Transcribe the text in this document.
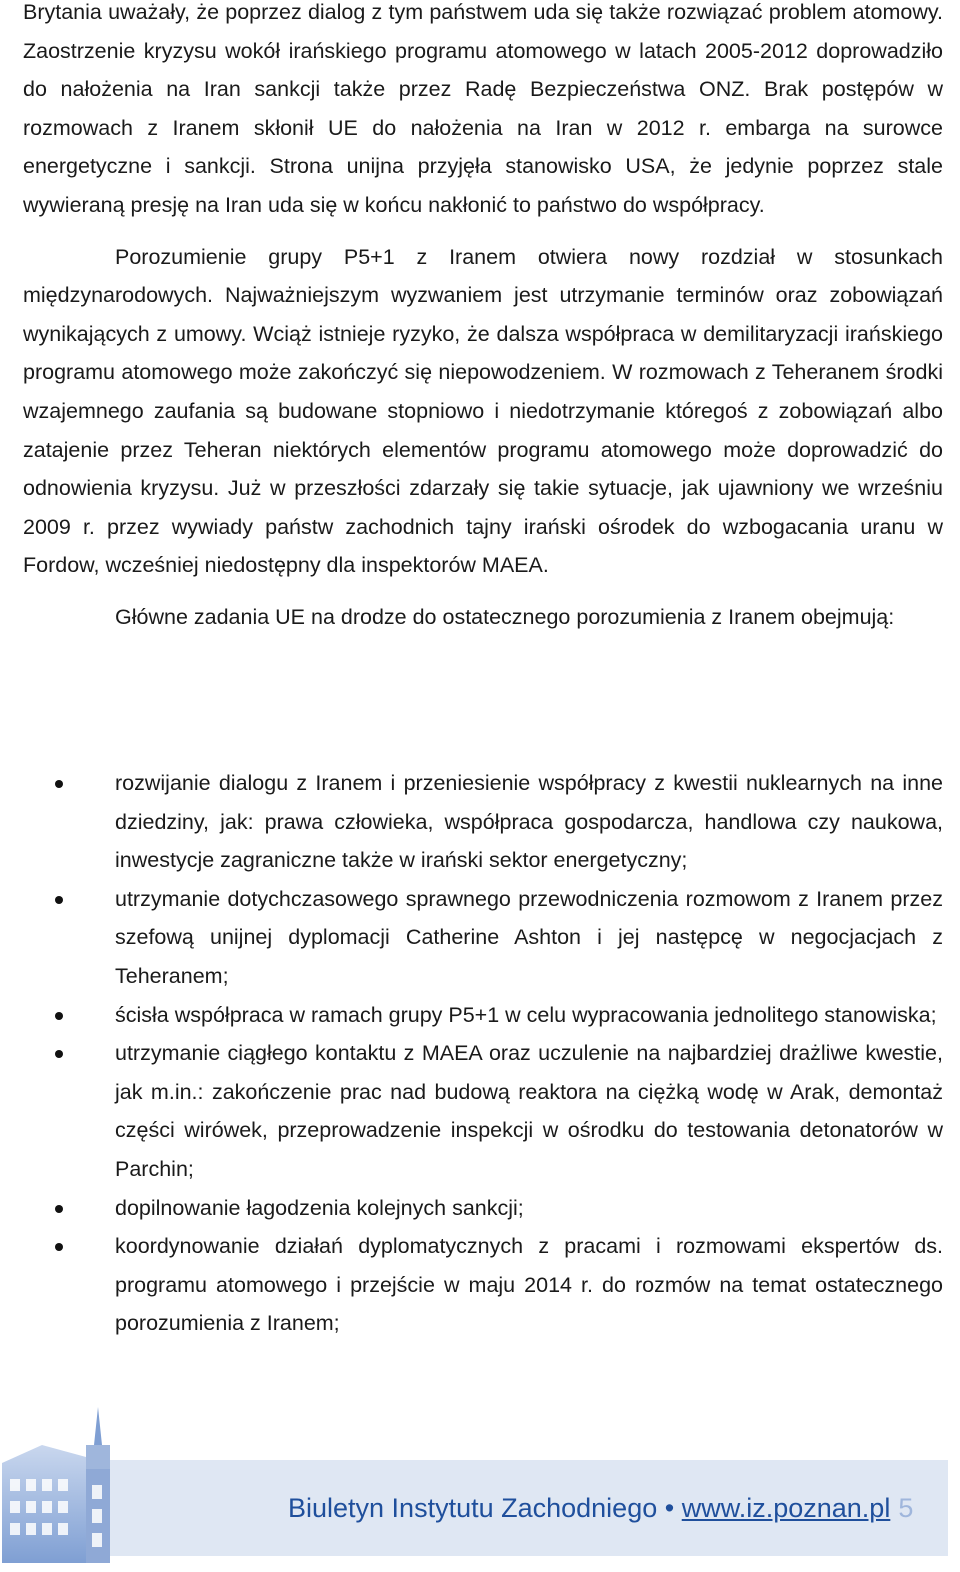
Brytania uważały, że poprzez dialog z tym państwem uda się także rozwiązać problem atomowy. Zaostrzenie kryzysu wokół irańskiego programu atomowego w latach 2005-2012 doprowadziło do nałożenia na Iran sankcji także przez Radę Bezpieczeństwa ONZ. Brak postępów w rozmowach z Iranem skłonił UE do nałożenia na Iran w 2012 r. embarga na surowce energetyczne i sankcji. Strona unijna przyjęła stanowisko USA, że jedynie poprzez stale wywieraną presję na Iran uda się w końcu nakłonić to państwo do współpracy.

Porozumienie grupy P5+1 z Iranem otwiera nowy rozdział w stosunkach międzynarodowych. Najważniejszym wyzwaniem jest utrzymanie terminów oraz zobowiązań wynikających z umowy. Wciąż istnieje ryzyko, że dalsza współpraca w demilitaryzacji irańskiego programu atomowego może zakończyć się niepowodzeniem. W rozmowach z Teheranem środki wzajemnego zaufania są budowane stopniowo i niedotrzymanie któregoś z zobowiązań albo zatajenie przez Teheran niektórych elementów programu atomowego może doprowadzić do odnowienia kryzysu. Już w przeszłości zdarzały się takie sytuacje, jak ujawniony we wrześniu 2009 r. przez wywiady państw zachodnich tajny irański ośrodek do wzbogacania uranu w Fordow, wcześniej niedostępny dla inspektorów MAEA.

Główne zadania UE na drodze do ostatecznego porozumienia z Iranem obejmują:

rozwijanie dialogu z Iranem i przeniesienie współpracy z kwestii nuklearnych na inne dziedziny, jak: prawa człowieka, współpraca gospodarcza, handlowa czy naukowa, inwestycje zagraniczne także w irański sektor energetyczny;
utrzymanie dotychczasowego sprawnego przewodniczenia rozmowom z Iranem przez szefową unijnej dyplomacji Catherine Ashton i jej następcę w negocjacjach z Teheranem;
ścisła współpraca w ramach grupy P5+1 w celu wypracowania jednolitego stanowiska;
utrzymanie ciągłego kontaktu z MAEA oraz uczulenie na najbardziej drażliwe kwestie, jak m.in.: zakończenie prac nad budową reaktora na ciężką wodę w Arak, demontaż części wirówek, przeprowadzenie inspekcji w ośrodku do testowania detonatorów w Parchin;
dopilnowanie łagodzenia kolejnych sankcji;
koordynowanie działań dyplomatycznych z pracami i rozmowami ekspertów ds. programu atomowego i przejście w maju 2014 r. do rozmów na temat ostatecznego porozumienia z Iranem;
Biuletyn Instytutu Zachodniego • www.iz.poznan.pl 5
